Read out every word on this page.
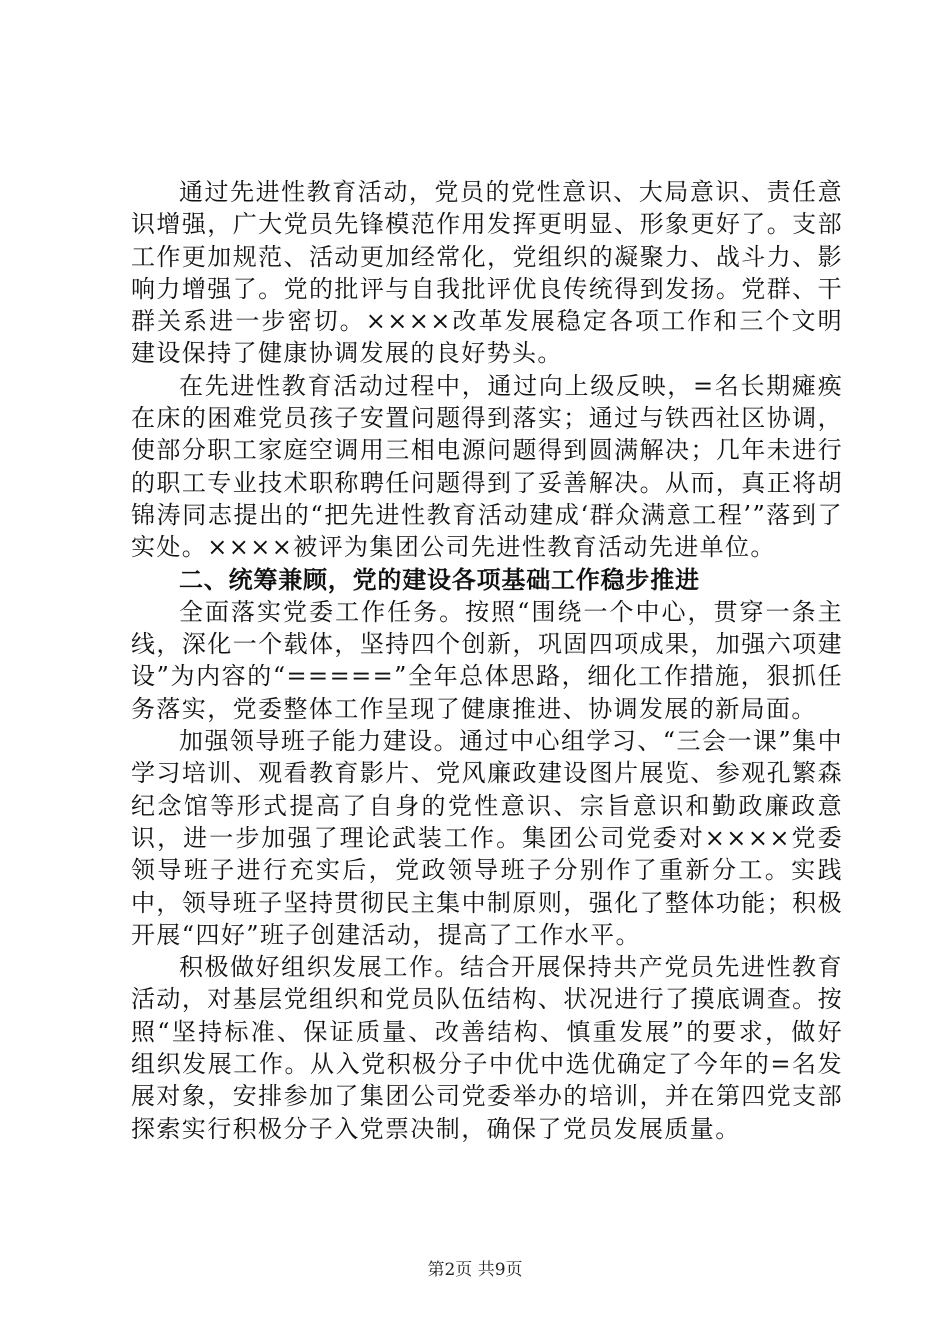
通过先进性教育活动，党员的党性意识、大局意识、责任意识增强，广大党员先锋模范作用发挥更明显、形象更好了。支部工作更加规范、活动更加经常化，党组织的凝聚力、战斗力、影响力增强了。党的批评与自我批评优良传统得到发扬。党群、干群关系进一步密切。××××改革发展稳定各项工作和三个文明建设保持了健康协调发展的良好势头。

在先进性教育活动过程中，通过向上级反映，=名长期瘫痪在床的困难党员孩子安置问题得到落实；通过与铁西社区协调，使部分职工家庭空调用三相电源问题得到圆满解决；几年未进行的职工专业技术职称聘任问题得到了妥善解决。从而，真正将胡锦涛同志提出的“把先进性教育活动建成‘群众满意工程’”落到了实处。××××被评为集团公司先进性教育活动先进单位。

二、统筹兼顾，党的建设各项基础工作稳步推进

全面落实党委工作任务。按照“围绕一个中心，贯穿一条主线，深化一个载体，坚持四个创新，巩固四项成果，加强六项建设”为内容的“=====”全年总体思路，细化工作措施，狠抓任务落实，党委整体工作呈现了健康推进、协调发展的新局面。

加强领导班子能力建设。通过中心组学习、“三会一课”集中学习培训、观看教育影片、党风廉政建设图片展览、参观孔繁森纪念馆等形式提高了自身的党性意识、宗旨意识和勤政廉政意识，进一步加强了理论武装工作。集团公司党委对××××党委领导班子进行充实后，党政领导班子分别作了重新分工。实践中，领导班子坚持贯彻民主集中制原则，强化了整体功能；积极开展“四好”班子创建活动，提高了工作水平。

积极做好组织发展工作。结合开展保持共产党员先进性教育活动，对基层党组织和党员队伍结构、状况进行了摸底调查。按照“坚持标准、保证质量、改善结构、慎重发展”的要求，做好组织发展工作。从入党积极分子中优中选优确定了今年的=名发展对象，安排参加了集团公司党委举办的培训，并在第四党支部探索实行积极分子入党票决制，确保了党员发展质量。

第2页 共9页
